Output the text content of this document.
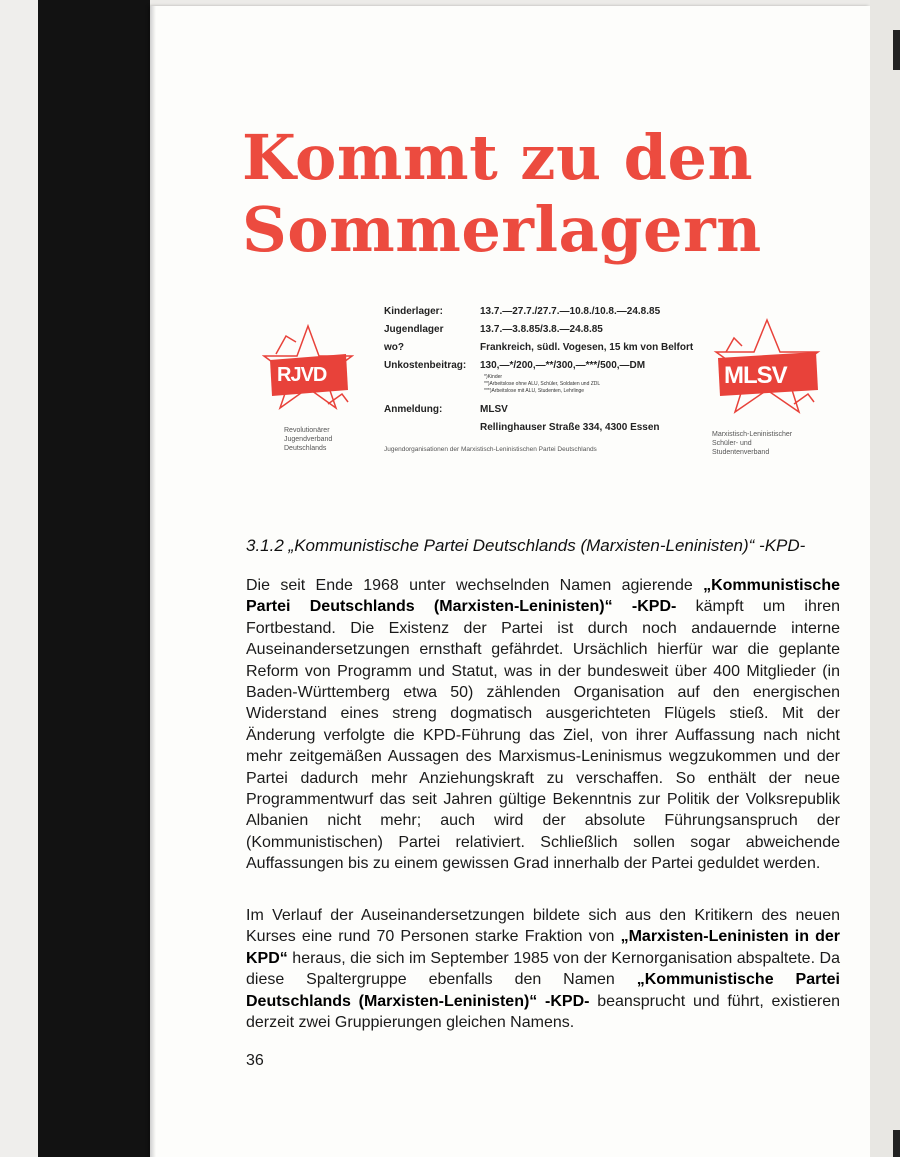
Kommt zu den
Sommerlagern
RJVD
Revolutionärer
Jugendverband
Deutschlands
MLSV
Marxistisch-Leninistischer
Schüler- und
Studentenverband
Kinderlager:	13.7.—27.7./27.7.—10.8./10.8.—24.8.85
Jugendlager	13.7.—3.8.85/3.8.—24.8.85
wo?	Frankreich, südl. Vogesen, 15 km von Belfort
Unkostenbeitrag: 130,—*/200,—**/300,—***/500,—DM
*)Kinder
**)Arbeitslose ohne ALU, Schüler, Soldaten und ZDL
***)Arbeitslose mit ALU, Studenten, Lehrlinge
Anmeldung:	MLSV
Rellinghauser Straße 334, 4300 Essen
Jugendorganisationen der Marxistisch-Leninistischen Partei Deutschlands
3.1.2 „Kommunistische Partei Deutschlands (Marxisten-Leninisten)“ -KPD-
Die seit Ende 1968 unter wechselnden Namen agierende „Kommunistische Partei Deutschlands (Marxisten-Leninisten)“ -KPD- kämpft um ihren Fortbestand. Die Existenz der Partei ist durch noch andauernde interne Auseinandersetzungen ernsthaft gefährdet. Ursächlich hierfür war die geplante Reform von Programm und Statut, was in der bundesweit über 400 Mitglieder (in Baden-Württemberg etwa 50) zählenden Organisation auf den energischen Widerstand eines streng dogmatisch ausgerichteten Flügels stieß. Mit der Änderung verfolgte die KPD-Führung das Ziel, von ihrer Auffassung nach nicht mehr zeitgemäßen Aussagen des Marxismus-Leninismus wegzukommen und der Partei dadurch mehr Anziehungskraft zu verschaffen. So enthält der neue Programmentwurf das seit Jahren gültige Bekenntnis zur Politik der Volksrepublik Albanien nicht mehr; auch wird der absolute Führungsanspruch der (Kommunistischen) Partei relativiert. Schließlich sollen sogar abweichende Auffassungen bis zu einem gewissen Grad innerhalb der Partei geduldet werden.
Im Verlauf der Auseinandersetzungen bildete sich aus den Kritikern des neuen Kurses eine rund 70 Personen starke Fraktion von „Marxisten-Leninisten in der KPD“ heraus, die sich im September 1985 von der Kernorganisation abspaltete. Da diese Spaltergruppe ebenfalls den Namen „Kommunistische Partei Deutschlands (Marxisten-Leninisten)“ -KPD- beansprucht und führt, existieren derzeit zwei Gruppierungen gleichen Namens.
36
